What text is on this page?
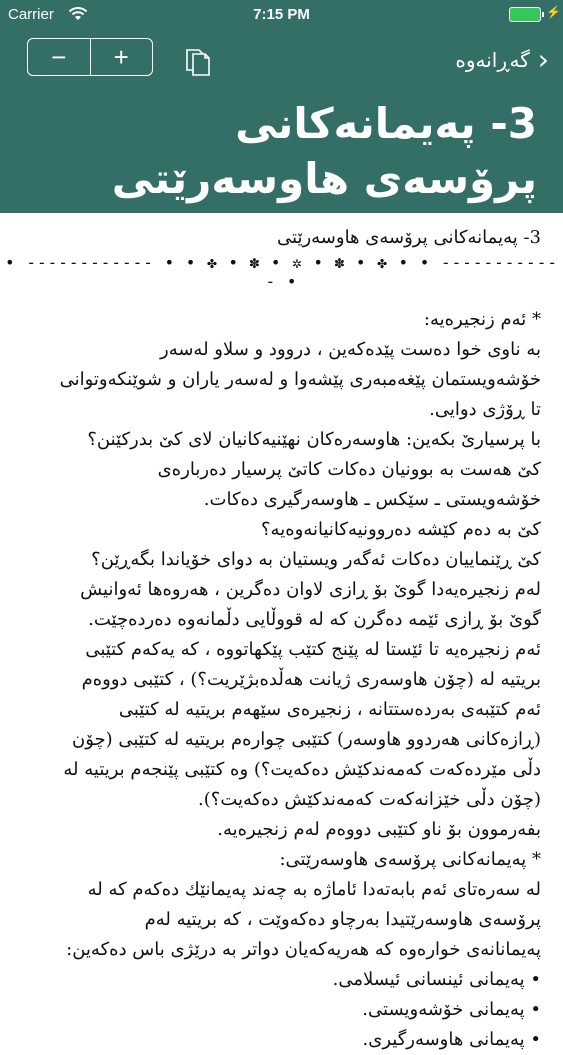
Carrier	7:15 PM	⚡
−	+	‹
گەڕانەوە
3- پەیمانەکانی
پرۆسەی هاوسەرێتی
3- پەیمانەکانی پرۆسەی هاوسەرێتی
• ------------ • • ✤ • ✽ • ✲ • ✽ • ✤ • • ------------ •

* ئەم زنجیرەیە:

بە ناوی خوا دەست پێدەکەین ، دروود و سلاو لەسەر

خۆشەویستمان پێغەمبەری پێشەوا و لەسەر یاران و شوێنکەوتوانی

تا ڕۆژی دوایی.

با پرسیارێ بکەین: هاوسەرەکان نهێنیەکانیان لای کێ بدرکێنن؟

کێ هەست بە بوونیان دەکات کاتێ پرسیار دەربارەی

خۆشەویستی ـ سێکس ـ هاوسەرگیری دەکات.

کێ بە دەم کێشە دەروونیەکانیانەوەیە؟

کێ ڕێنماییان دەکات ئەگەر ویستیان بە دوای خۆیاندا بگەڕێن؟

لەم زنجیرەیەدا گوێ بۆ ڕازی لاوان دەگرین ، هەروەها ئەوانیش

گوێ بۆ ڕازی ئێمە دەگرن کە لە قووڵایی دڵمانەوە دەردەچێت.

ئەم زنجیرەیە تا ئێستا لە پێنج کتێب پێکهاتووە ، کە یەکەم کتێبی

بریتیە لە (چۆن هاوسەری ژیانت هەڵدەبژێریت؟) ، کتێبی دووەم

ئەم کتێبەی بەردەستتانە ، زنجیرەی سێهەم بریتیە لە کتێبی

(ڕازەکانی هەردوو هاوسەر) کتێبی چوارەم بریتیە لە کتێبی (چۆن

دڵی مێردەکەت کەمەندکێش دەکەیت؟) وە کتێبی پێنجەم بریتیە لە

(چۆن دڵی خێزانەکەت کەمەندکێش دەکەیت؟).

بفەرموون بۆ ناو کتێبی دووەم لەم زنجیرەیە.

* پەیمانەکانی پرۆسەی هاوسەرێتی:

لە سەرەتای ئەم بابەتەدا ئاماژە بە چەند پەیمانێك دەکەم کە لە

پرۆسەی هاوسەرێتیدا بەرچاو دەکەوێت ، کە بریتیە لەم

پەیمانانەی خوارەوە کە هەریەکەیان دواتر بە درێژی باس دەکەین:

• پەیمانی ئینسانی ئیسلامی.

• پەیمانی خۆشەویستی.

• پەیمانی هاوسەرگیری.
